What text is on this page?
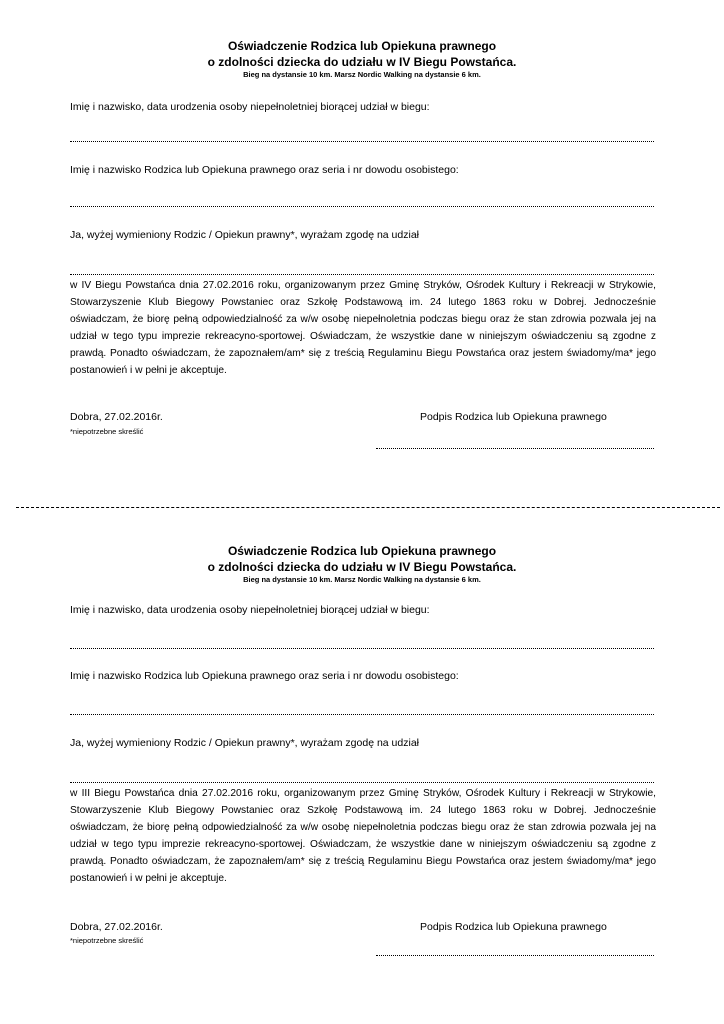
Oświadczenie Rodzica lub Opiekuna prawnego
o zdolności dziecka do udziału w IV Biegu Powstańca.
Bieg na dystansie 10 km. Marsz Nordic Walking na dystansie 6 km.
Imię i nazwisko, data urodzenia osoby niepełnoletniej biorącej udział w biegu:
Imię i nazwisko Rodzica lub Opiekuna prawnego oraz seria i nr dowodu osobistego:
Ja, wyżej wymieniony Rodzic / Opiekun prawny*, wyrażam zgodę na udział
w IV Biegu Powstańca dnia 27.02.2016 roku, organizowanym przez Gminę Stryków, Ośrodek Kultury i Rekreacji w Strykowie, Stowarzyszenie Klub Biegowy Powstaniec oraz Szkołę Podstawową im. 24 lutego 1863 roku w Dobrej. Jednocześnie oświadczam, że biorę pełną odpowiedzialność za w/w osobę niepełnoletnia podczas biegu oraz że stan zdrowia pozwala jej na udział w tego typu imprezie rekreacyno-sportowej. Oświadczam, że wszystkie dane w niniejszym oświadczeniu są zgodne z prawdą. Ponadto oświadczam, że zapoznałem/am* się z treścią Regulaminu Biegu Powstańca oraz jestem świadomy/ma* jego postanowień i w pełni je akceptuje.
Dobra, 27.02.2016r.
*niepotrzebne skreślić
Podpis Rodzica lub Opiekuna prawnego
Oświadczenie Rodzica lub Opiekuna prawnego
o zdolności dziecka do udziału w IV Biegu Powstańca.
Bieg na dystansie 10 km. Marsz Nordic Walking na dystansie 6 km.
Imię i nazwisko, data urodzenia osoby niepełnoletniej biorącej udział w biegu:
Imię i nazwisko Rodzica lub Opiekuna prawnego oraz seria i nr dowodu osobistego:
Ja, wyżej wymieniony Rodzic / Opiekun prawny*, wyrażam zgodę na udział
w III Biegu Powstańca dnia 27.02.2016 roku, organizowanym przez Gminę Stryków, Ośrodek Kultury i Rekreacji w Strykowie, Stowarzyszenie Klub Biegowy Powstaniec oraz Szkołę Podstawową im. 24 lutego 1863 roku w Dobrej. Jednocześnie oświadczam, że biorę pełną odpowiedzialność za w/w osobę niepełnoletnia podczas biegu oraz że stan zdrowia pozwala jej na udział w tego typu imprezie rekreacyno-sportowej. Oświadczam, że wszystkie dane w niniejszym oświadczeniu są zgodne z prawdą. Ponadto oświadczam, że zapoznałem/am* się z treścią Regulaminu Biegu Powstańca oraz jestem świadomy/ma* jego postanowień i w pełni je akceptuje.
Dobra, 27.02.2016r.
*niepotrzebne skreślić
Podpis Rodzica lub Opiekuna prawnego
